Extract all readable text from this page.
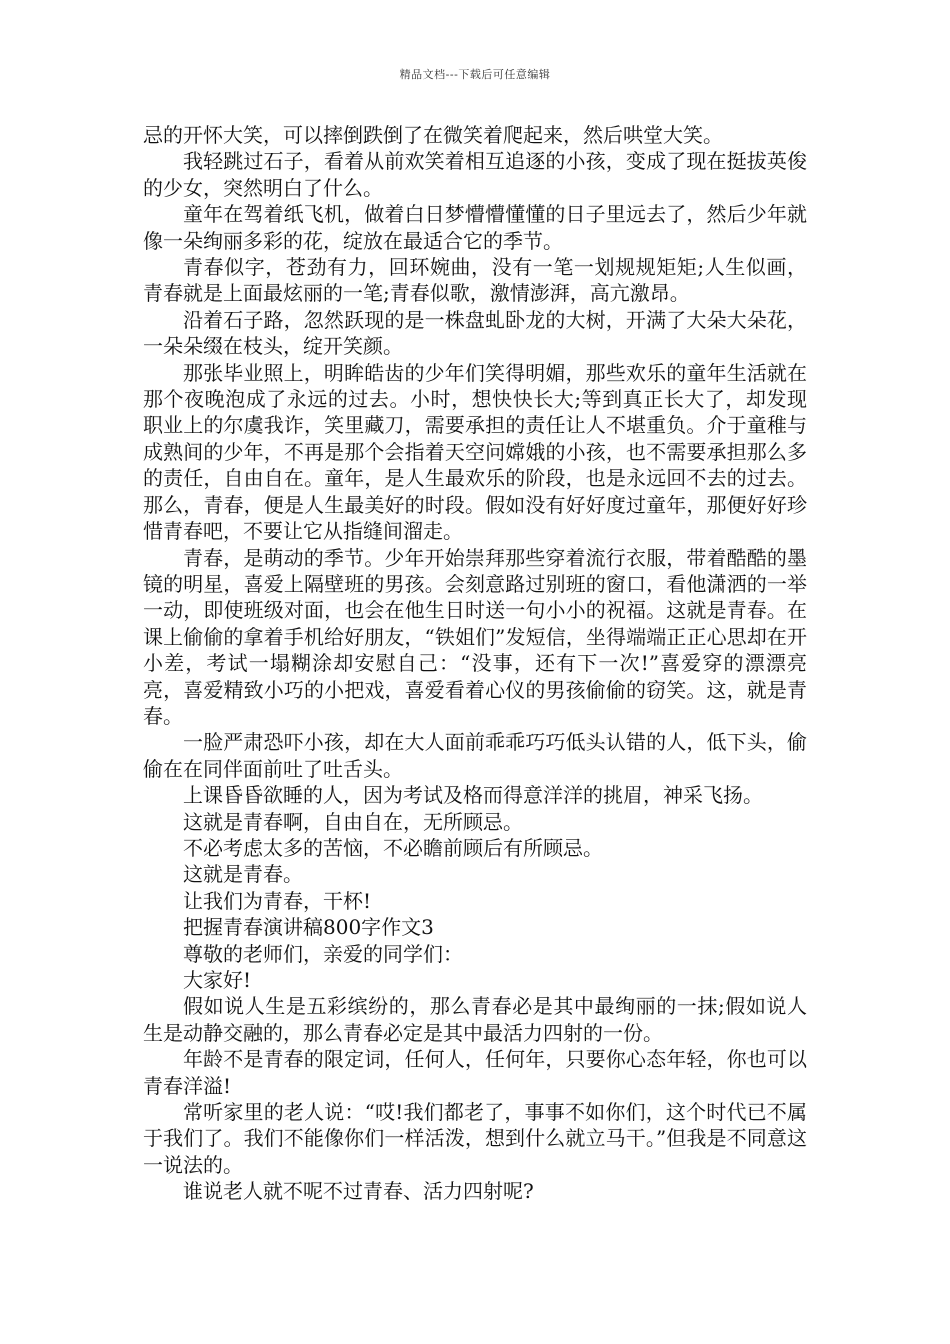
精品文档---下载后可任意编辑

忌的开怀大笑，可以摔倒跌倒了在微笑着爬起来，然后哄堂大笑。

我轻跳过石子，看着从前欢笑着相互追逐的小孩，变成了现在挺拔英俊的少女，突然明白了什么。

童年在驾着纸飞机，做着白日梦懵懵懂懂的日子里远去了，然后少年就像一朵绚丽多彩的花，绽放在最适合它的季节。

青春似字，苍劲有力，回环婉曲，没有一笔一划规规矩矩;人生似画，青春就是上面最炫丽的一笔;青春似歌，激情澎湃，高亢激昂。

沿着石子路，忽然跃现的是一株盘虬卧龙的大树，开满了大朵大朵花，一朵朵缀在枝头，绽开笑颜。

那张毕业照上，明眸皓齿的少年们笑得明媚，那些欢乐的童年生活就在那个夜晚泡成了永远的过去。小时，想快快长大;等到真正长大了，却发现职业上的尔虞我诈，笑里藏刀，需要承担的责任让人不堪重负。介于童稚与成熟间的少年，不再是那个会指着天空问嫦娥的小孩，也不需要承担那么多的责任，自由自在。童年，是人生最欢乐的阶段，也是永远回不去的过去。那么，青春，便是人生最美好的时段。假如没有好好度过童年，那便好好珍惜青春吧，不要让它从指缝间溜走。

青春，是萌动的季节。少年开始崇拜那些穿着流行衣服，带着酷酷的墨镜的明星，喜爱上隔壁班的男孩。会刻意路过别班的窗口，看他潇洒的一举一动，即使班级对面，也会在他生日时送一句小小的祝福。这就是青春。在课上偷偷的拿着手机给好朋友，“铁姐们”发短信，坐得端端正正心思却在开小差，考试一塌糊涂却安慰自己：“没事，还有下一次!”喜爱穿的漂漂亮亮，喜爱精致小巧的小把戏，喜爱看着心仪的男孩偷偷的窃笑。这，就是青春。

一脸严肃恐吓小孩，却在大人面前乖乖巧巧低头认错的人，低下头，偷偷在在同伴面前吐了吐舌头。

上课昏昏欲睡的人，因为考试及格而得意洋洋的挑眉，神采飞扬。

这就是青春啊，自由自在，无所顾忌。

不必考虑太多的苦恼，不必瞻前顾后有所顾忌。

这就是青春。

让我们为青春，干杯!

把握青春演讲稿800字作文3

尊敬的老师们，亲爱的同学们：

大家好!

假如说人生是五彩缤纷的，那么青春必是其中最绚丽的一抹;假如说人生是动静交融的，那么青春必定是其中最活力四射的一份。

年龄不是青春的限定词，任何人，任何年，只要你心态年轻，你也可以青春洋溢!

常听家里的老人说：“哎!我们都老了，事事不如你们，这个时代已不属于我们了。我们不能像你们一样活泼，想到什么就立马干。”但我是不同意这一说法的。

谁说老人就不呢不过青春、活力四射呢?
